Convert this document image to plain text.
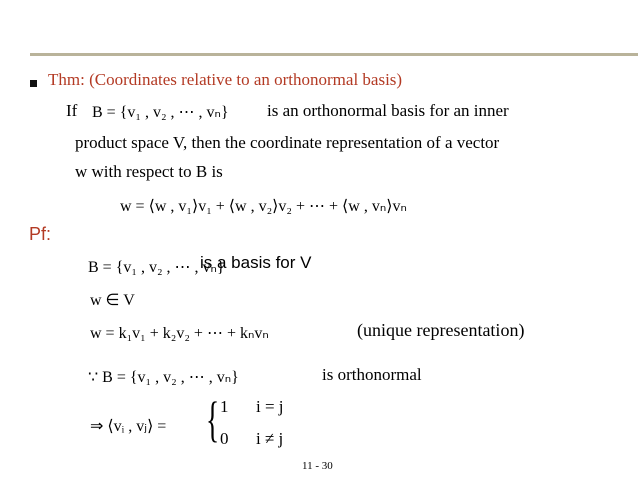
Thm: (Coordinates relative to an orthonormal basis)
If B = {v₁ , v₂ , ⋯ , vₙ} is an orthonormal basis for an inner
product space V, then the coordinate representation of a vector
w with respect to B is
w = ⟨w , v₁⟩v₁ + ⟨w , v₂⟩v₂ + ⋯ + ⟨w , vₙ⟩vₙ
Pf:
B = {v₁ , v₂ , ⋯ , vₙ}
is a basis for V
w ∈ V
w = k₁v₁ + k₂v₂ + ⋯ + kₙvₙ	(unique representation)
∵ B = {v₁ , v₂ , ⋯ , vₙ}	is orthonormal
⇒ ⟨vᵢ , vⱼ⟩ = { 1 i = j
0 i ≠ j
11 - 30
